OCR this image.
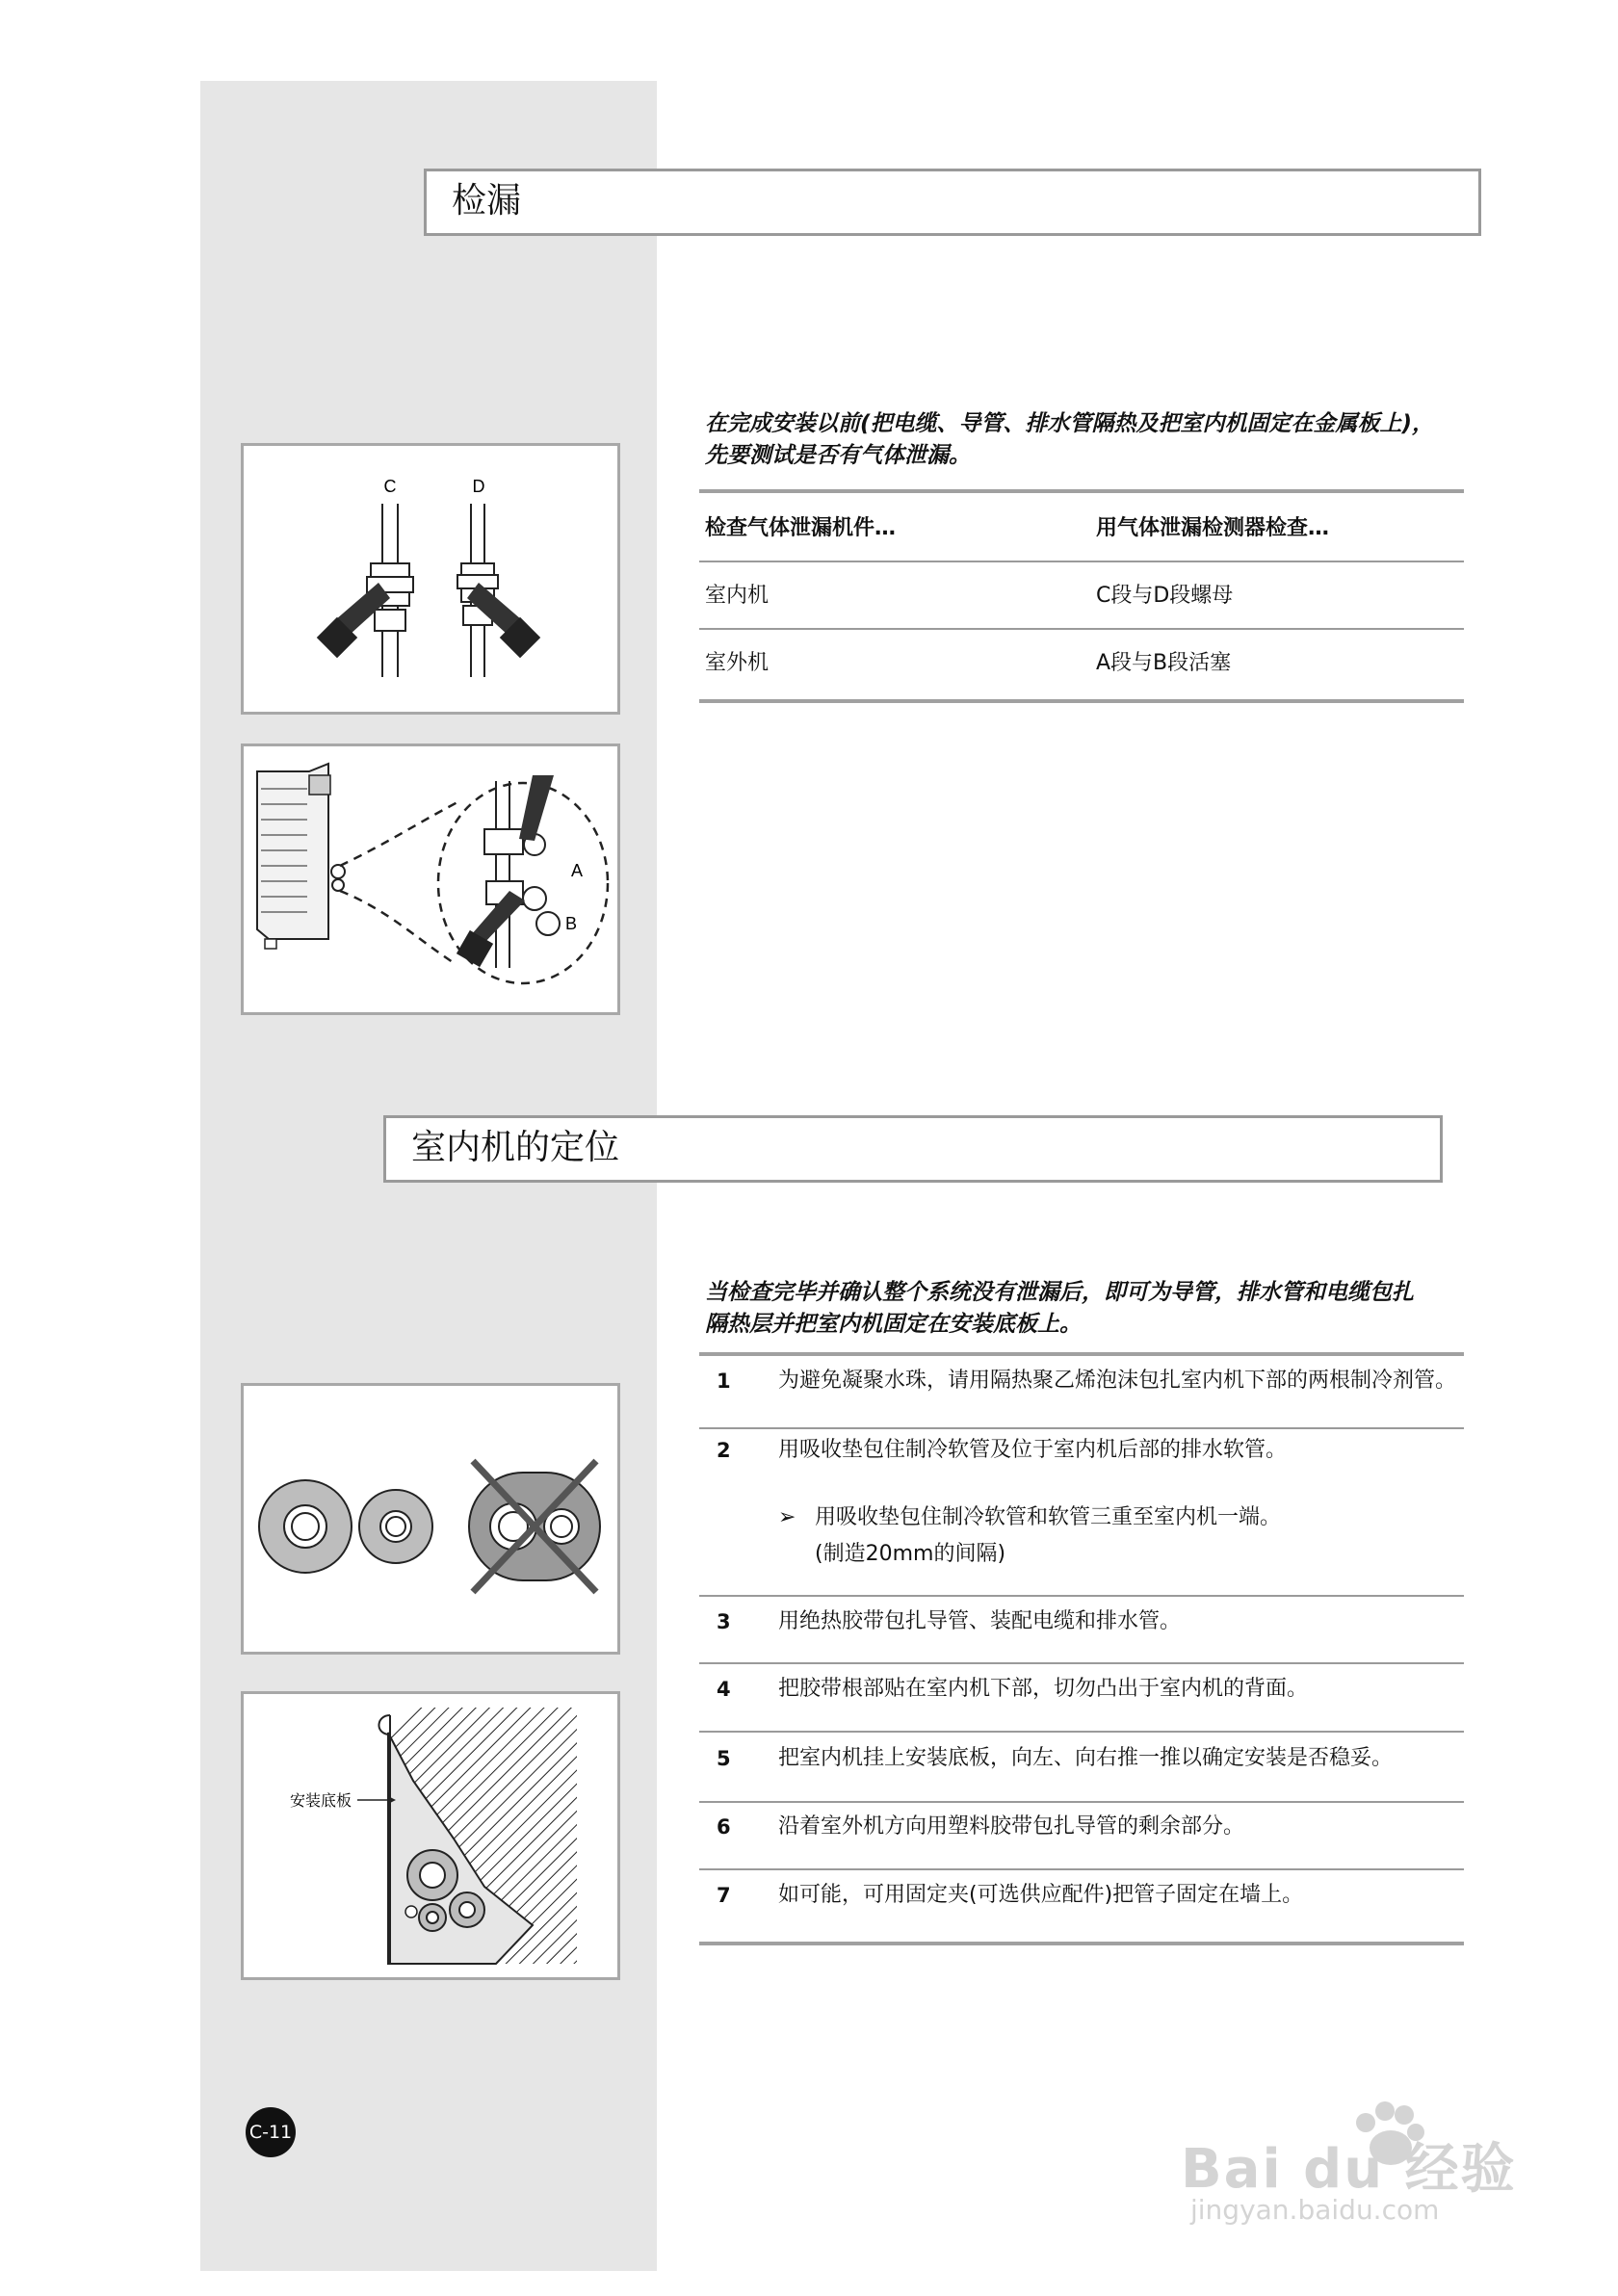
检漏
在完成安装以前(把电缆、导管、排水管隔热及把室内机固定在金属板上)，
先要测试是否有气体泄漏。
检查气体泄漏机件…	用气体泄漏检测器检查…
室内机	C段与D段螺母
室外机	A段与B段活塞
C	D
A
B
室内机的定位
当检查完毕并确认整个系统没有泄漏后，即可为导管，排水管和电缆包扎
隔热层并把室内机固定在安装底板上。
1 为避免凝聚水珠，请用隔热聚乙烯泡沫包扎室内机下部的两根制冷剂管。
2 用吸收垫包住制冷软管及位于室内机后部的排水软管。
➢ 用吸收垫包住制冷软管和软管三重至室内机一端。
(制造20mm的间隔)
3 用绝热胶带包扎导管、装配电缆和排水管。
4 把胶带根部贴在室内机下部，切勿凸出于室内机的背面。
5 把室内机挂上安装底板，向左、向右推一推以确定安装是否稳妥。
6 沿着室外机方向用塑料胶带包扎导管的剩余部分。
7 如可能，可用固定夹(可选供应配件)把管子固定在墙上。
安装底板
C-11
Bai du 经验
jingyan.baidu.com
